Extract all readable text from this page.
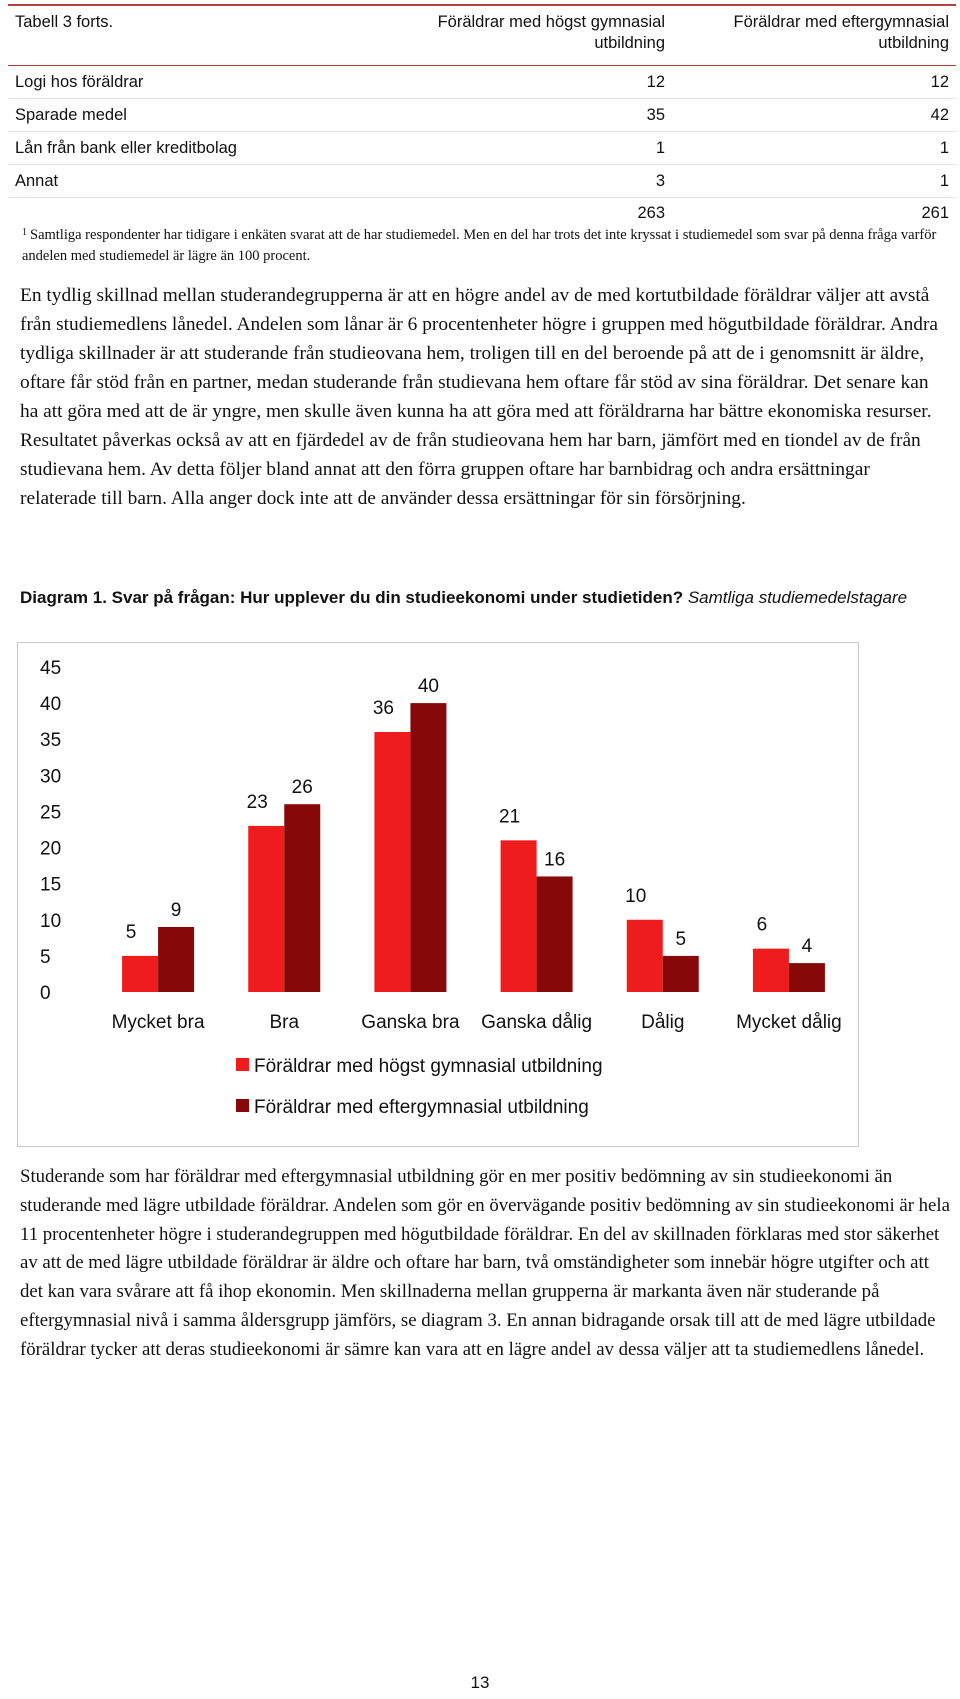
Tabell 3 forts.	Föräldrar med högst gymnasial utbildning	Föräldrar med eftergymnasial utbildning
Logi hos föräldrar	12	12
Sparade medel	35	42
Lån från bank eller kreditbolag	1	1
Annat	3	1
	263	261
$^1$ Samtliga respondenter har tidigare i enkäten svarat att de har studiemedel. Men en del har trots det inte kryssat i studiemedel som svar på denna fråga varför andelen med studiemedel är lägre än 100 procent.
En tydlig skillnad mellan studerandegrupperna är att en högre andel av de med kortutbildade föräldrar väljer att avstå från studiemedlens lånedel. Andelen som lånar är 6 procentenheter högre i gruppen med högutbildade föräldrar. Andra tydliga skillnader är att studerande från studieovana hem, troligen till en del beroende på att de i genomsnitt är äldre, oftare får stöd från en partner, medan studerande från studievana hem oftare får stöd av sina föräldrar. Det senare kan ha att göra med att de är yngre, men skulle även kunna ha att göra med att föräldrarna har bättre ekonomiska resurser. Resultatet påverkas också av att en fjärdedel av de från studieovana hem har barn, jämfört med en tiondel av de från studievana hem. Av detta följer bland annat att den förra gruppen oftare har barnbidrag och andra ersättningar relaterade till barn. Alla anger dock inte att de använder dessa ersättningar för sin försörjning.
Diagram 1. Svar på frågan: Hur upplever du din studieekonomi under studietiden? Samtliga studiemedelstagare
0
5
10
15
20
25
30
35
40
45
5
9
Mycket bra
23
26
Bra
36
40
Ganska bra
21
16
Ganska dålig
10
5
Dålig
6
4
Mycket dålig
Föräldrar med högst gymnasial utbildning
Föräldrar med eftergymnasial utbildning
Studerande som har föräldrar med eftergymnasial utbildning gör en mer positiv bedömning av sin studieekonomi än studerande med lägre utbildade föräldrar. Andelen som gör en övervägande positiv bedömning av sin studieekonomi är hela 11 procentenheter högre i studerandegruppen med högutbildade föräldrar. En del av skillnaden förklaras med stor säkerhet av att de med lägre utbildade föräldrar är äldre och oftare har barn, två omständigheter som innebär högre utgifter och att det kan vara svårare att få ihop ekonomin. Men skillnaderna mellan grupperna är markanta även när studerande på eftergymnasial nivå i samma åldersgrupp jämförs, se diagram 3. En annan bidragande orsak till att de med lägre utbildade föräldrar tycker att deras studieekonomi är sämre kan vara att en lägre andel av dessa väljer att ta studiemedlens lånedel.
13
